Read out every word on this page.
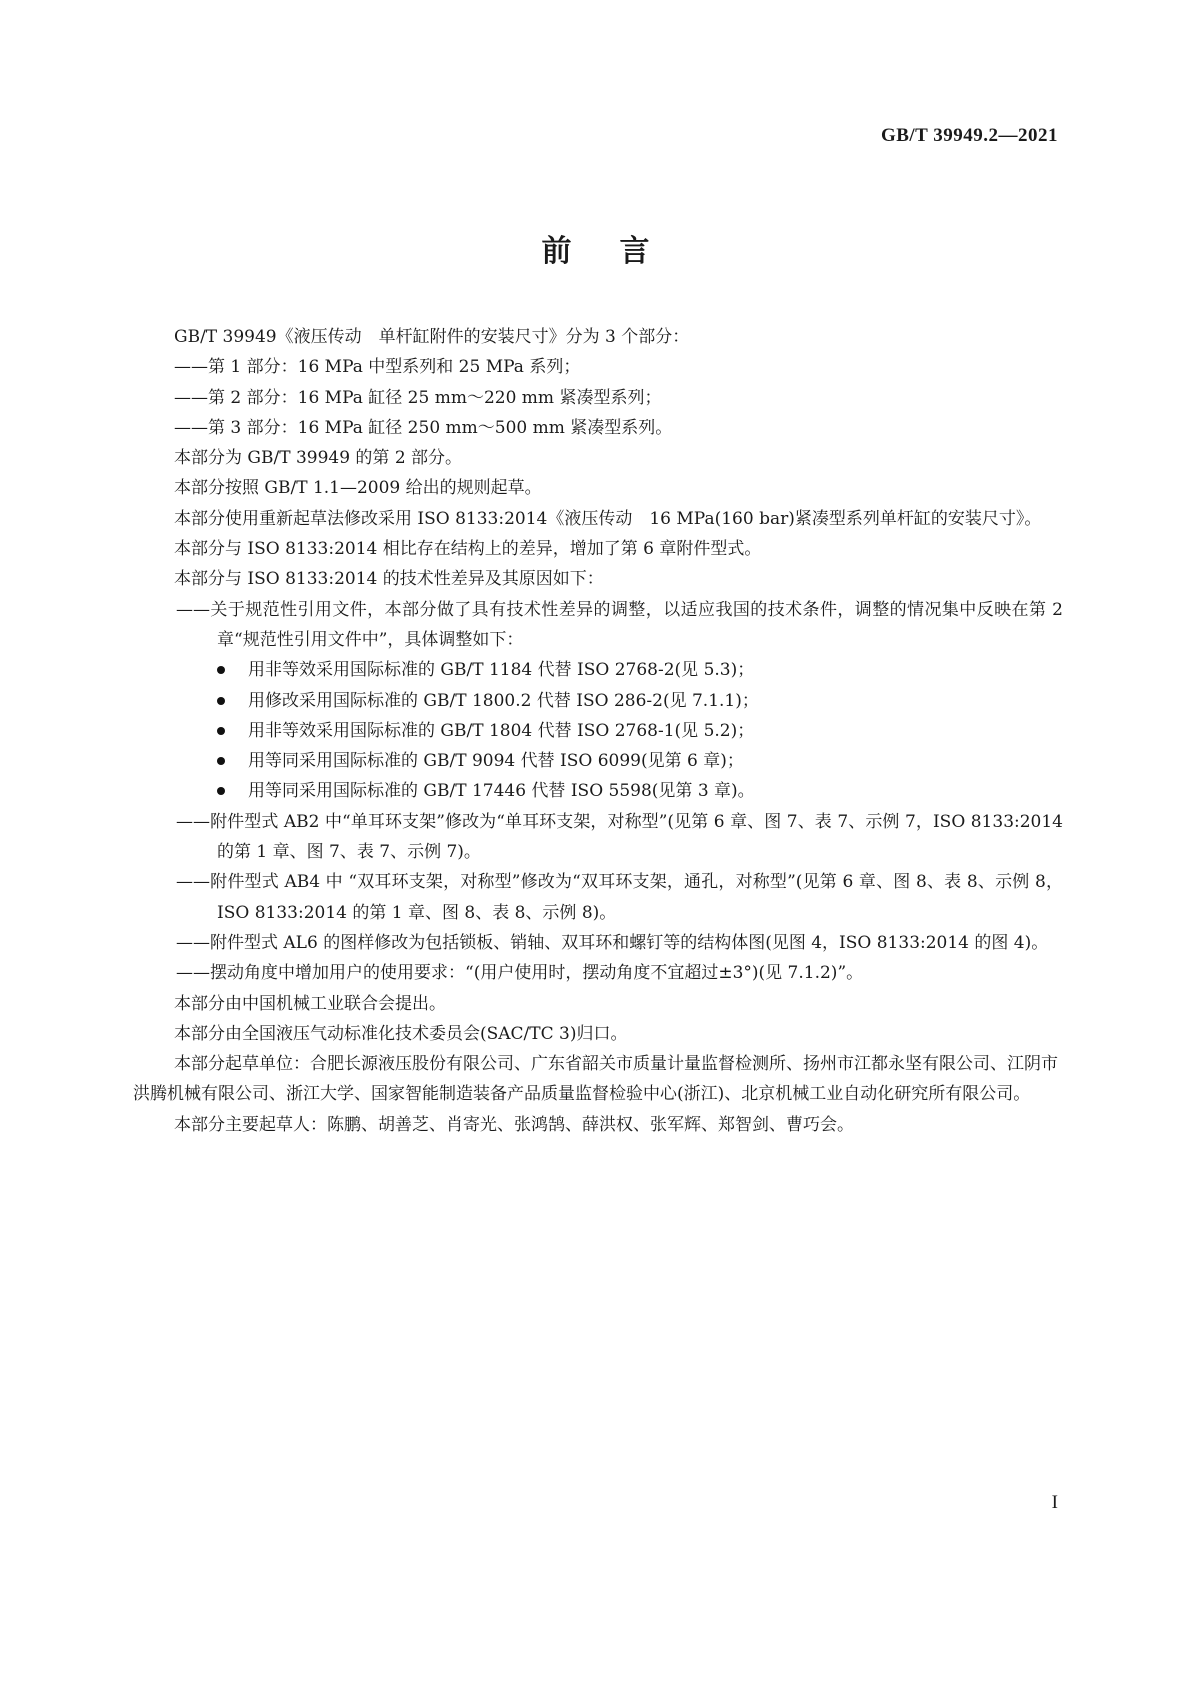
GB/T 39949.2—2021
前言

GB/T 39949《液压传动　单杆缸附件的安装尺寸》分为 3 个部分：

——第 1 部分：16 MPa 中型系列和 25 MPa 系列；

——第 2 部分：16 MPa 缸径 25 mm～220 mm 紧凑型系列；

——第 3 部分：16 MPa 缸径 250 mm～500 mm 紧凑型系列。

本部分为 GB/T 39949 的第 2 部分。

本部分按照 GB/T 1.1—2009 给出的规则起草。

本部分使用重新起草法修改采用 ISO 8133:2014《液压传动　16 MPa(160 bar)紧凑型系列单杆缸的安装尺寸》。

本部分与 ISO 8133:2014 相比存在结构上的差异，增加了第 6 章附件型式。

本部分与 ISO 8133:2014 的技术性差异及其原因如下：

——关于规范性引用文件，本部分做了具有技术性差异的调整，以适应我国的技术条件，调整的情况集中反映在第 2 章“规范性引用文件中”，具体调整如下：

用非等效采用国际标准的 GB/T 1184 代替 ISO 2768-2(见 5.3)；
用修改采用国际标准的 GB/T 1800.2 代替 ISO 286-2(见 7.1.1)；
用非等效采用国际标准的 GB/T 1804 代替 ISO 2768-1(见 5.2)；
用等同采用国际标准的 GB/T 9094 代替 ISO 6099(见第 6 章)；
用等同采用国际标准的 GB/T 17446 代替 ISO 5598(见第 3 章)。

——附件型式 AB2 中“单耳环支架”修改为“单耳环支架，对称型”(见第 6 章、图 7、表 7、示例 7，ISO 8133:2014 的第 1 章、图 7、表 7、示例 7)。

——附件型式 AB4 中 “双耳环支架，对称型”修改为“双耳环支架，通孔，对称型”(见第 6 章、图 8、表 8、示例 8，ISO 8133:2014 的第 1 章、图 8、表 8、示例 8)。

——附件型式 AL6 的图样修改为包括锁板、销轴、双耳环和螺钉等的结构体图(见图 4，ISO 8133:2014 的图 4)。

——摆动角度中增加用户的使用要求：“(用户使用时，摆动角度不宜超过±3°)(见 7.1.2)”。

本部分由中国机械工业联合会提出。

本部分由全国液压气动标准化技术委员会(SAC/TC 3)归口。

本部分起草单位：合肥长源液压股份有限公司、广东省韶关市质量计量监督检测所、扬州市江都永坚有限公司、江阴市洪腾机械有限公司、浙江大学、国家智能制造装备产品质量监督检验中心(浙江)、北京机械工业自动化研究所有限公司。

本部分主要起草人：陈鹏、胡善芝、肖寄光、张鸿鹄、薛洪权、张军辉、郑智剑、曹巧会。

I
